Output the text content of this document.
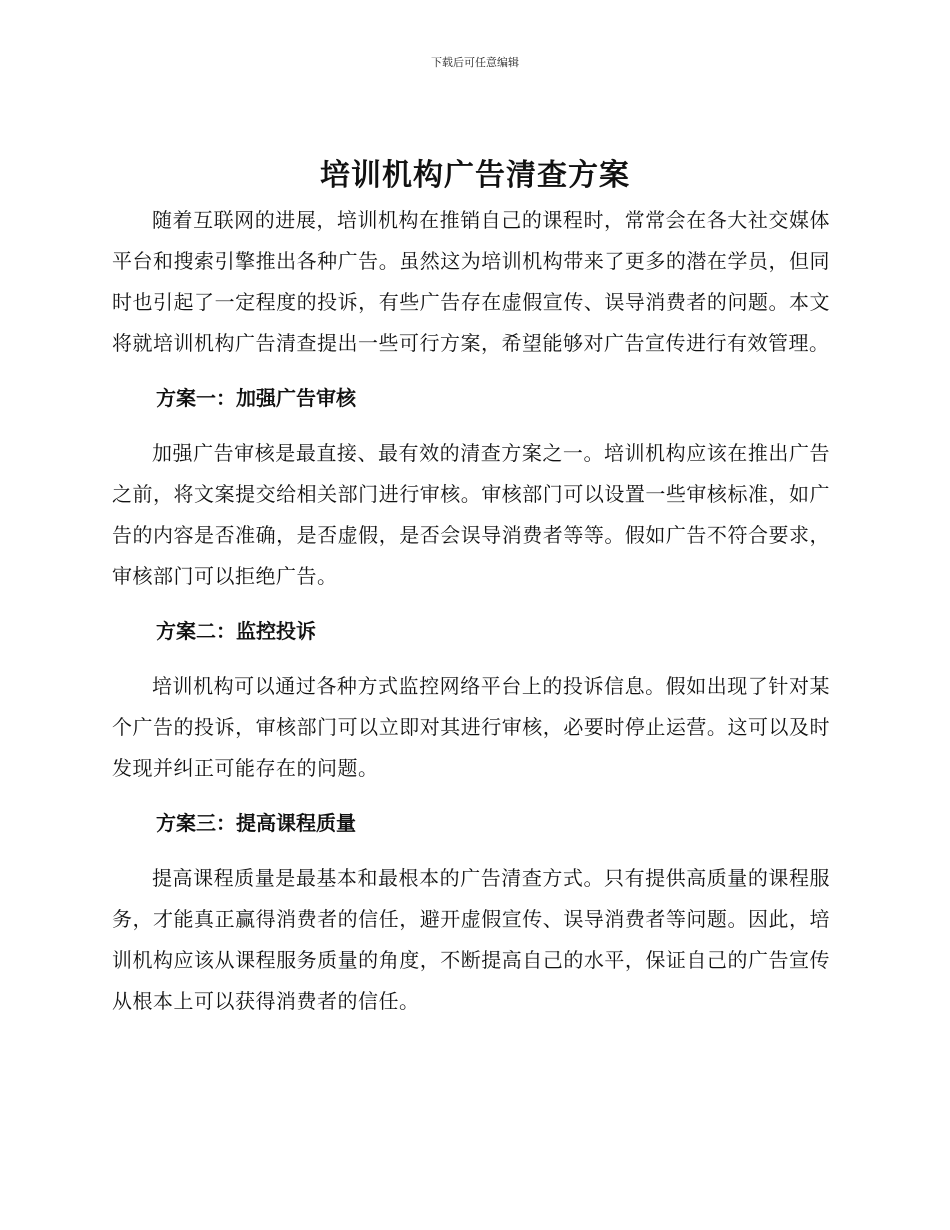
下载后可任意编辑
培训机构广告清查方案

随着互联网的进展，培训机构在推销自己的课程时，常常会在各大社交媒体平台和搜索引擎推出各种广告。虽然这为培训机构带来了更多的潜在学员，但同时也引起了一定程度的投诉，有些广告存在虚假宣传、误导消费者的问题。本文将就培训机构广告清查提出一些可行方案，希望能够对广告宣传进行有效管理。

方案一：加强广告审核

加强广告审核是最直接、最有效的清查方案之一。培训机构应该在推出广告之前，将文案提交给相关部门进行审核。审核部门可以设置一些审核标准，如广告的内容是否准确，是否虚假，是否会误导消费者等等。假如广告不符合要求，审核部门可以拒绝广告。

方案二：监控投诉

培训机构可以通过各种方式监控网络平台上的投诉信息。假如出现了针对某个广告的投诉，审核部门可以立即对其进行审核，必要时停止运营。这可以及时发现并纠正可能存在的问题。

方案三：提高课程质量

提高课程质量是最基本和最根本的广告清查方式。只有提供高质量的课程服务，才能真正赢得消费者的信任，避开虚假宣传、误导消费者等问题。因此，培训机构应该从课程服务质量的角度，不断提高自己的水平，保证自己的广告宣传从根本上可以获得消费者的信任。
